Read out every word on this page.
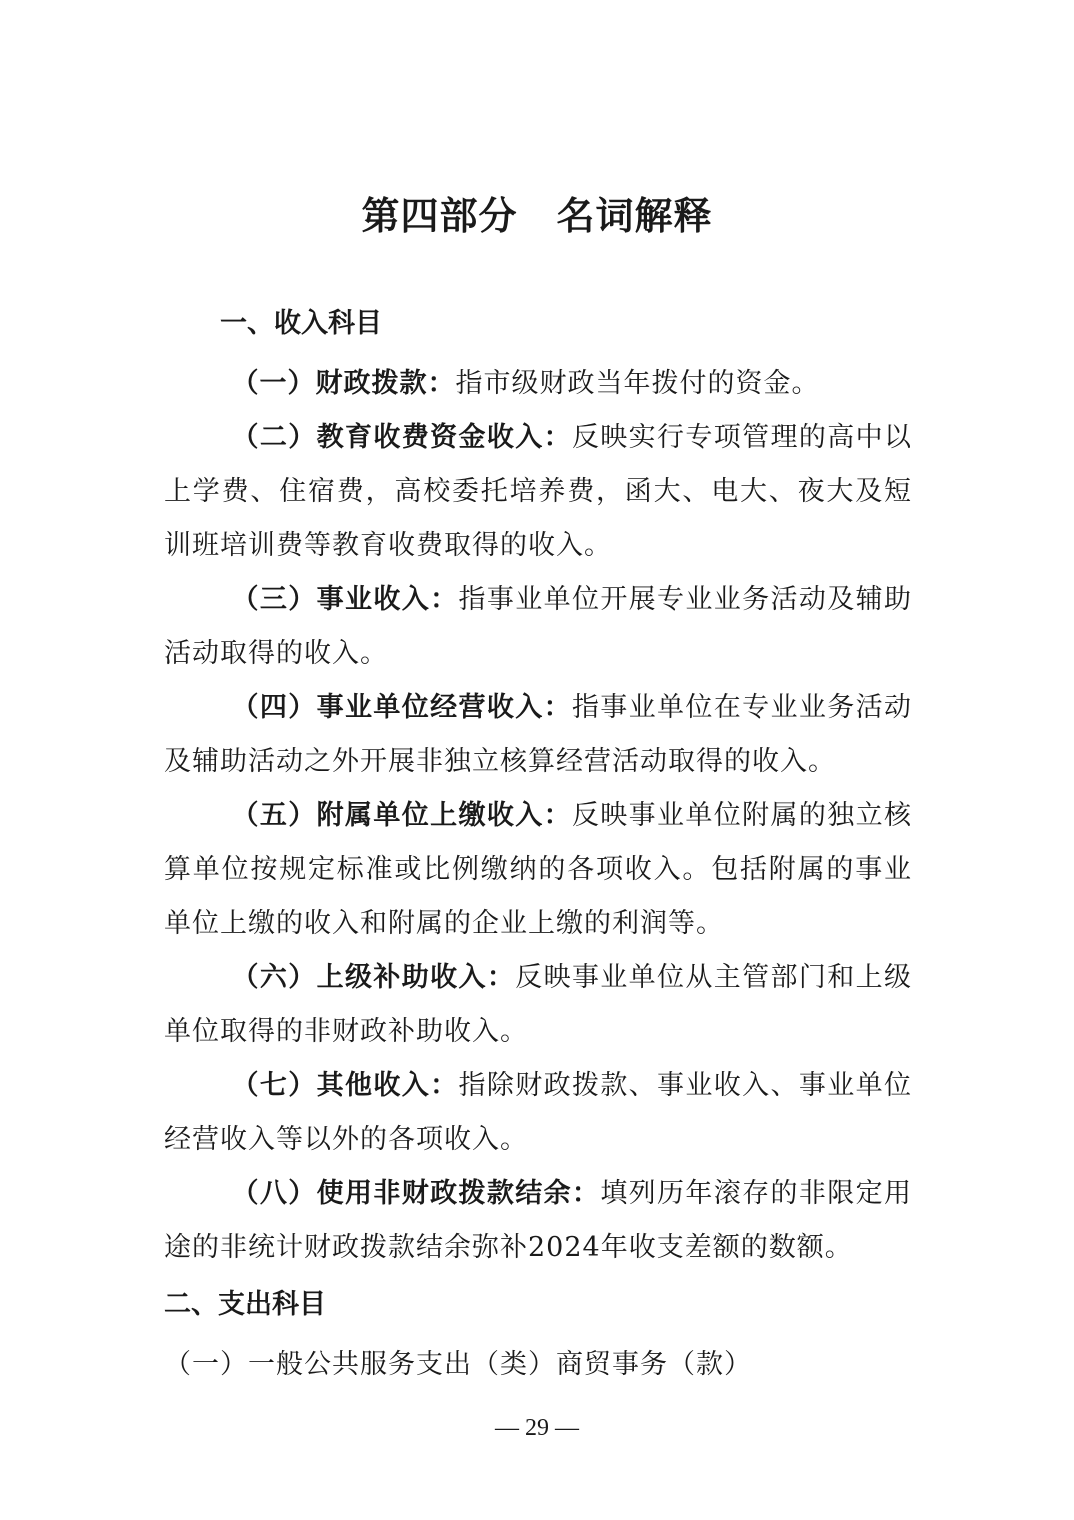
第四部分　名词解释
一、收入科目

（一）财政拨款：指市级财政当年拨付的资金。

（二）教育收费资金收入：反映实行专项管理的高中以上学费、住宿费，高校委托培养费，函大、电大、夜大及短训班培训费等教育收费取得的收入。

（三）事业收入：指事业单位开展专业业务活动及辅助活动取得的收入。

（四）事业单位经营收入：指事业单位在专业业务活动及辅助活动之外开展非独立核算经营活动取得的收入。

（五）附属单位上缴收入：反映事业单位附属的独立核算单位按规定标准或比例缴纳的各项收入。包括附属的事业单位上缴的收入和附属的企业上缴的利润等。

（六）上级补助收入：反映事业单位从主管部门和上级单位取得的非财政补助收入。

（七）其他收入：指除财政拨款、事业收入、事业单位经营收入等以外的各项收入。

（八）使用非财政拨款结余：填列历年滚存的非限定用途的非统计财政拨款结余弥补2024年收支差额的数额。

二、支出科目

（一）一般公共服务支出（类）商贸事务（款）

— 29 —
